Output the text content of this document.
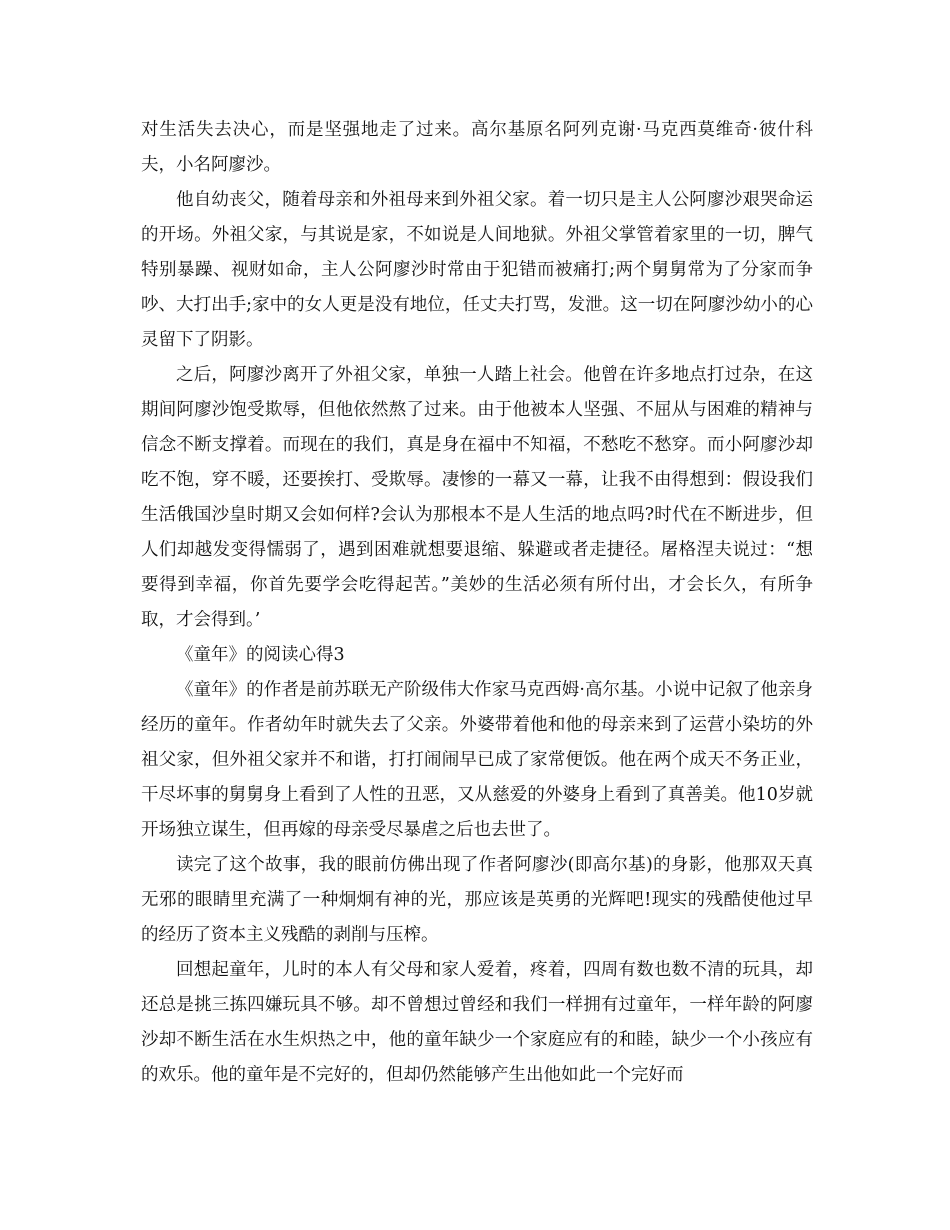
对生活失去决心，而是坚强地走了过来。高尔基原名阿列克谢·马克西莫维奇·彼什科夫，小名阿廖沙。

他自幼丧父，随着母亲和外祖母来到外祖父家。着一切只是主人公阿廖沙艰哭命运的开场。外祖父家，与其说是家，不如说是人间地狱。外祖父掌管着家里的一切，脾气特别暴躁、视财如命，主人公阿廖沙时常由于犯错而被痛打;两个舅舅常为了分家而争吵、大打出手;家中的女人更是没有地位，任丈夫打骂，发泄。这一切在阿廖沙幼小的心灵留下了阴影。

之后，阿廖沙离开了外祖父家，单独一人踏上社会。他曾在许多地点打过杂，在这期间阿廖沙饱受欺辱，但他依然熬了过来。由于他被本人坚强、不屈从与困难的精神与信念不断支撑着。而现在的我们，真是身在福中不知福，不愁吃不愁穿。而小阿廖沙却吃不饱，穿不暖，还要挨打、受欺辱。凄惨的一幕又一幕，让我不由得想到：假设我们生活俄国沙皇时期又会如何样?会认为那根本不是人生活的地点吗?时代在不断进步，但人们却越发变得懦弱了，遇到困难就想要退缩、躲避或者走捷径。屠格涅夫说过：“想要得到幸福，你首先要学会吃得起苦。”美妙的生活必须有所付出，才会长久，有所争取，才会得到。’

《童年》的阅读心得3

《童年》的作者是前苏联无产阶级伟大作家马克西姆·高尔基。小说中记叙了他亲身经历的童年。作者幼年时就失去了父亲。外婆带着他和他的母亲来到了运营小染坊的外祖父家，但外祖父家并不和谐，打打闹闹早已成了家常便饭。他在两个成天不务正业，干尽坏事的舅舅身上看到了人性的丑恶，又从慈爱的外婆身上看到了真善美。他10岁就开场独立谋生，但再嫁的母亲受尽暴虐之后也去世了。

读完了这个故事，我的眼前仿佛出现了作者阿廖沙(即高尔基)的身影，他那双天真无邪的眼睛里充满了一种炯炯有神的光，那应该是英勇的光辉吧!现实的残酷使他过早的经历了资本主义残酷的剥削与压榨。

回想起童年，儿时的本人有父母和家人爱着，疼着，四周有数也数不清的玩具，却还总是挑三拣四嫌玩具不够。却不曾想过曾经和我们一样拥有过童年，一样年龄的阿廖沙却不断生活在水生炽热之中，他的童年缺少一个家庭应有的和睦，缺少一个小孩应有的欢乐。他的童年是不完好的，但却仍然能够产生出他如此一个完好而
